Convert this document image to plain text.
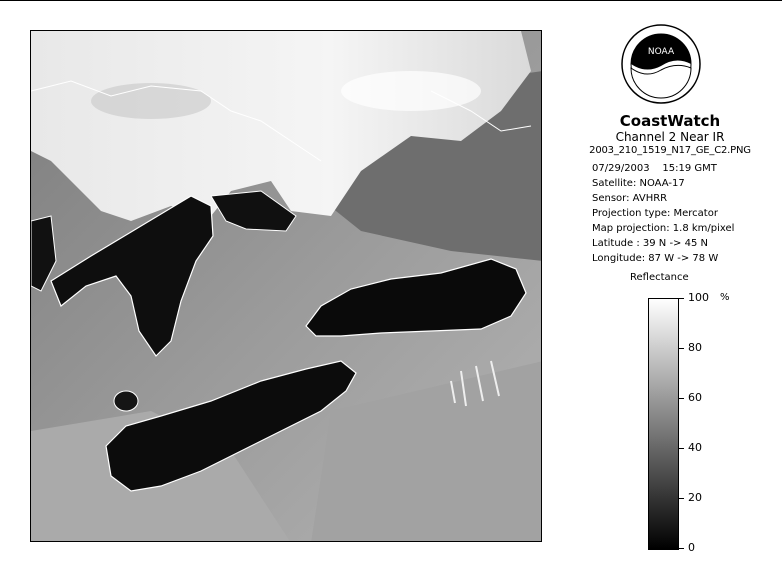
NOAA
CoastWatch
Channel 2 Near IR
2003_210_1519_N17_GE_C2.PNG
07/29/2003 15:19 GMT
Satellite: NOAA-17
Sensor: AVHRR
Projection type: Mercator
Map projection: 1.8 km/pixel
Latitude : 39 N -> 45 N
Longitude: 87 W -> 78 W
Reflectance
%
100
80
60
40
20
0
